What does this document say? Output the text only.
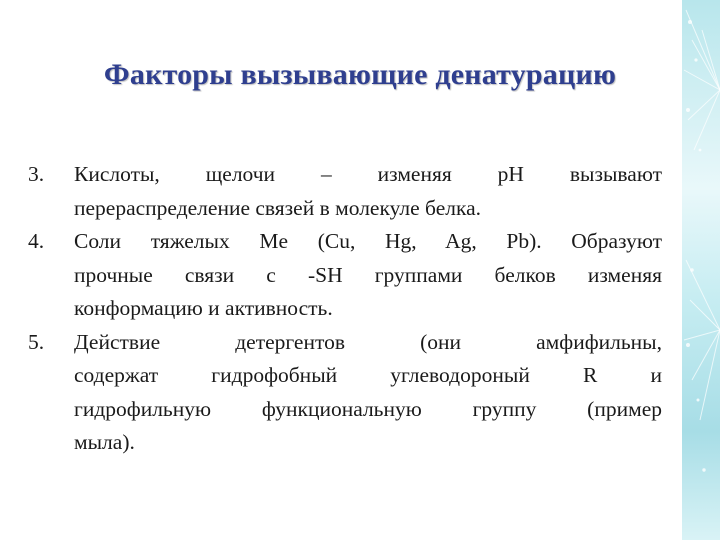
Факторы вызывающие денатурацию
3.	Кислоты, щелочи – изменяя pH вызывают
перераспределение связей в молекуле белка.
4.	Соли тяжелых Me (Cu, Hg, Ag, Pb). Образуют
прочные связи с -SH группами белков изменяя
конформацию и активность.
5.	Действие детергентов (они амфифильны,
содержат гидрофобный углеводороный R и
гидрофильную функциональную группу (пример
мыла).
